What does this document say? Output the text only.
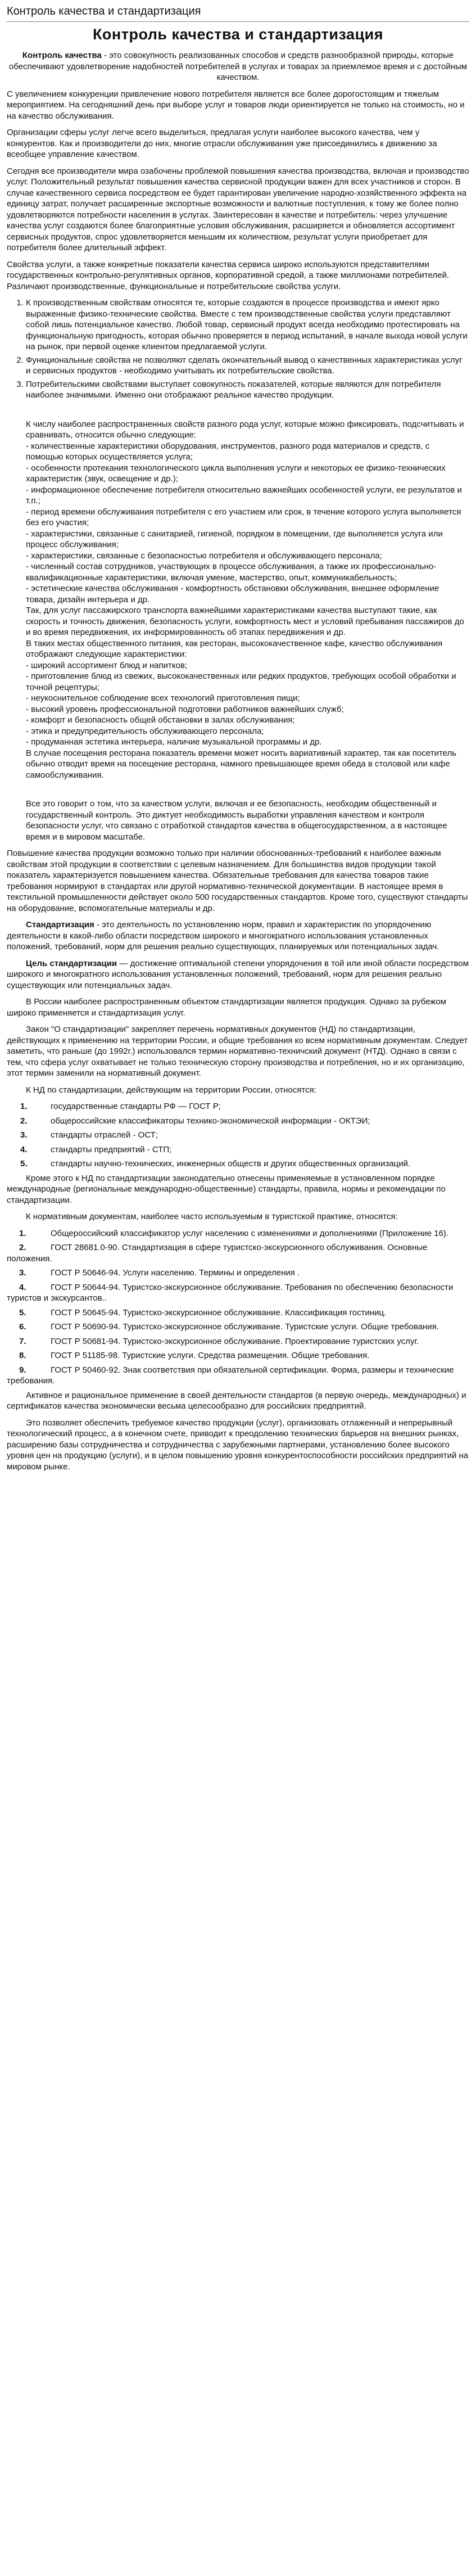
Контроль качества и стандартизация
Контроль качества и стандартизация

Контроль качества - это совокупность реализованных способов и средств разнообразной природы, которые обеспечивают удовлетворение надобностей потребителей в услугах и товарах за приемлемое время и с достойным качеством.

С увеличением конкуренции привлечение нового потребителя является все более дорогостоящим и тяжелым мероприятием. На сегодняшний день при выборе услуг и товаров люди ориентируется не только на стоимость, но и на качество обслуживания.

Организации сферы услуг легче всего выделиться, предлагая услуги наиболее высокого качества, чем у конкурентов. Как и производители до них, многие отрасли обслуживания уже присоединились к движению за всеобщее управление качеством.

Сегодня все производители мира озабочены проблемой повышения качества производства, включая и производство услуг. Положительный результат повышения качества сервисной продукции важен для всех участников и сторон. В случае качественного сервиса посредством ее будет гарантирован увеличение народно-хозяйственного эффекта на единицу затрат, получает расширенные экспортные возможности и валютные поступления, к тому же более полно удовлетворяются потребности населения в услугах. Заинтересован в качестве и потребитель: через улучшение качества услуг создаются более благоприятные условия обслуживания, расширяется и обновляется ассортимент сервисных продуктов, спрос удовлетворяется меньшим их количеством, результат услуги приобретает для потребителя более длительный эффект.

Свойства услуги, а также конкретные показатели качества сервиса широко используются представителями государственных контрольно-регулятивных органов, корпоративной средой, а также миллионами потребителей. Различают производственные, функциональные и потребительские свойства услуги.

1. К производственным свойствам относятся те, которые создаются в процессе производства и имеют ярко выраженные физико-технические свойства. Вместе с тем производственные свойства услуги представляют собой лишь потенциальное качество. Любой товар, сервисный продукт всегда необходимо протестировать на функциональную пригодность, которая обычно проверяется в период испытаний, в начале выхода новой услуги на рынок, при первой оценке клиентом предлагаемой услуги.
2. Функциональные свойства не позволяют сделать окончательный вывод о качественных характеристиках услуг и сервисных продуктов - необходимо учитывать их потребительские свойства.
3. Потребительскими свойствами выступает совокупность показателей, которые являются для потребителя наиболее значимыми. Именно они отображают реальное качество продукции.

К числу наиболее распространенных свойств разного рода услуг, которые можно фиксировать, подсчитывать и сравнивать, относится обычно следующие:

- количественные характеристики оборудования, инструментов, разного рода материалов и средств, с помощью которых осуществляется услуга;

- особенности протекания технологического цикла выполнения услуги и некоторых ее физико-технических характеристик (звук, освещение и др.);

- информационное обеспечение потребителя относительно важнейших особенностей услуги, ее результатов и т.п.;

- период времени обслуживания потребителя с его участием или срок, в течение которого услуга выполняется без его участия;

- характеристики, связанные с санитарией, гигиеной, порядком в помещении, где выполняется услуга или процесс обслуживания;

- характеристики, связанные с безопасностью потребителя и обслуживающего персонала;

- численный состав сотрудников, участвующих в процессе обслуживания, а также их профессионально-квалификационные характеристики, включая умение, мастерство, опыт, коммуникабельность;

- эстетические качества обслуживания - комфортность обстановки обслуживания, внешнее оформление товара, дизайн интерьера и др.

Так, для услуг пассажирского транспорта важнейшими характеристиками качества выступают такие, как скорость и точность движения, безопасность услуги, комфортность мест и условий пребывания пассажиров до и во время передвижения, их информированность об этапах передвижения и др.

В таких местах общественного питания, как ресторан, высококачественное кафе, качество обслуживания отображают следующие характеристики:

- широкий ассортимент блюд и напитков;

- приготовление блюд из свежих, высококачественных или редких продуктов, требующих особой обработки и точной рецептуры;

- неукоснительное соблюдение всех технологий приготовления пищи;

- высокий уровень профессиональной подготовки работников важнейших служб;

- комфорт и безопасность общей обстановки в залах обслуживания;

- этика и предупредительность обслуживающего персонала;

- продуманная эстетика интерьера, наличие музыкальной программы и др.

В случае посещения ресторана показатель времени может носить вариативный характер, так как посетитель обычно отводит время на посещение ресторана, намного превышающее время обеда в столовой или кафе самообслуживания.

Все это говорит о том, что за качеством услуги, включая и ее безопасность, необходим общественный и государственный контроль. Это диктует необходимость выработки управления качеством и контроля безопасности услуг, что связано с отработкой стандартов качества в общегосударственном, а в настоящее время и в мировом масштабе.

Повышение качества продукции возможно только при наличии обоснованных-требований к наиболее важным свойствам этой продукции в соответствии с целевым назначением. Для большинства видов продукции такой показатель характеризуется повышением качества. Обязательные требования для качества товаров такие требования нормируют в стандартах или другой нормативно-технической документации. В настоящее время в текстильной промышленности действует около 500 государственных стандартов. Кроме того, существуют стандарты на оборудование, вспомогательные материалы и др.

Стандартизация - это деятельность по установлению норм, правил и характеристик по упорядочению деятельности в какой-либо области посредством широкого и многократного использования установленных положений, требований, норм для решения реально существующих, планируемых или потенциальных задач.

Цель стандартизации — достижение оптимальной степени упорядочения в той или иной области посредством широкого и многократного использования установленных положений, требований, норм для решения реально существующих или потенциальных задач.

В России наиболее распространенным объектом стандартизации является продукция. Однако за рубежом широко применяется и стандартизация услуг.

Закон "О стандартизации" закрепляет перечень нормативных документов (НД) по стандартизации, действующих к применению на территории России, и общие требования ко всем нормативным документам. Следует заметить, что раньше (до 1992г.) использовался термин нормативно-техничский документ (НТД). Однако в связи с тем, что сфера услуг охватывает не только техническую сторону производства и потребления, но и их организацию, этот термин заменили на нормативный документ.

К НД по стандартизации, действующим на территории России, относятся:

1.	государственные стандарты РФ — ГОСТ Р;
2.	общероссийские классификаторы технико-экономической информации - ОКТЭИ;
3.	стандарты отраслей - ОСТ;
4.	стандарты предприятий - СТП;
5.	стандарты научно-технических, инженерных обществ и других общественных организаций.

Кроме этого к НД по стандартизации законодательно отнесены применяемые в установленном порядке международные (региональные международно-общественные) стандарты, правила, нормы и рекомендации по стандартизации.

К нормативным документам, наиболее часто используемым в туристской практике, относятся:

1.	Общероссийский классификатор услуг населению с изменениями и дополнениями (Приложение 16).
2.	ГОСТ 28681.0-90. Стандартизация в сфере туристско-экскурсионного обслуживания. Основные положения.
3.	ГОСТ Р 50646-94. Услуги населению. Термины и определения .
4.	ГОСТ Р 50644-94. Туристско-экскурсионное обслуживание. Требования по обеспечению безопасности туристов и экскурсантов..
5.	ГОСТ Р 50645-94. Туристско-экскурсионное обслуживание. Классификация гостиниц.
6.	ГОСТ Р 50690-94. Туристско-экскурсионное обслуживание. Туристские услуги. Общие требования.
7.	ГОСТ Р 50681-94. Туристско-экскурсионное обслуживание. Проектирование туристских услуг.
8.	ГОСТ Р 51185-98. Туристские услуги. Средства размещения. Общие требования.
9.	ГОСТ Р 50460-92. Знак соответствия при обязательной сертификации. Форма, размеры и технические требования.

Активное и рациональное применение в своей деятельности стандартов (в первую очередь, международных) и сертификатов качества экономически весьма целесообразно для российских предприятий.

Это позволяет обеспечить требуемое качество продукции (услуг), организовать отлаженный и непрерывный технологический процесс, а в конечном счете, приводит к преодолению технических барьеров на внешних рынках, расширению базы сотрудничества и сотрудничества с зарубежными партнерами, установлению более высокого уровня цен на продукцию (услуги), и в целом повышению уровня конкурентоспособности российских предприятий на мировом рынке.
